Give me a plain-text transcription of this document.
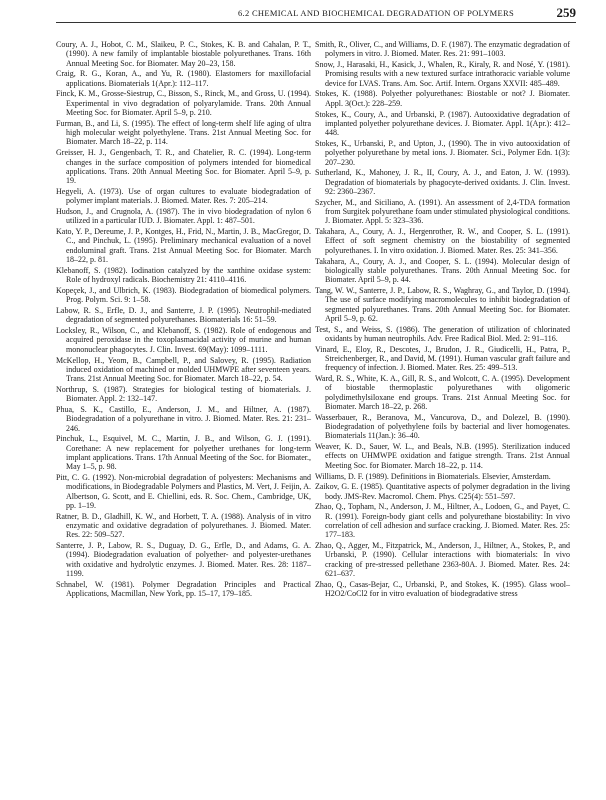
6.2 CHEMICAL AND BIOCHEMICAL DEGRADATION OF POLYMERS	259

Coury, A. J., Hobot, C. M., Slaikeu, P. C., Stokes, K. B. and Cahalan, P. T., (1990). A new family of implantable biostable polyurethanes. Trans. 16th Annual Meeting Soc. for Biomater. May 20–23, 158.

Craig, R. G., Koran, A., and Yu, R. (1980). Elastomers for maxillofacial applications. Biomaterials 1(Apr.): 112–117.

Finck, K. M., Grosse-Siestrup, C., Bisson, S., Rinck, M., and Gross, U. (1994). Experimental in vivo degradation of polyarylamide. Trans. 20th Annual Meeting Soc. for Biomater. April 5–9, p. 210.

Furman, B., and Li, S. (1995). The effect of long-term shelf life aging of ultra high molecular weight polyethylene. Trans. 21st Annual Meeting Soc. for Biomater. March 18–22, p. 114.

Greisser, H. J., Gengenbach, T. R., and Chatelier, R. C. (1994). Long-term changes in the surface composition of polymers intended for biomedical applications. Trans. 20th Annual Meeting Soc. for Biomater. April 5–9, p. 19.

Hegyeli, A. (1973). Use of organ cultures to evaluate biodegradation of polymer implant materials. J. Biomed. Mater. Res. 7: 205–214.

Hudson, J., and Crugnola, A. (1987). The in vivo biodegradation of nylon 6 utilized in a particular IUD. J. Biomater. Appl. 1: 487–501.

Kato, Y. P., Dereume, J. P., Kontges, H., Frid, N., Martin, J. B., MacGregor, D. C., and Pinchuk, L. (1995). Preliminary mechanical evaluation of a novel endoluminal graft. Trans. 21st Annual Meeting Soc. for Biomater. March 18–22, p. 81.

Klebanoff, S. (1982). Iodination catalyzed by the xanthine oxidase system: Role of hydroxyl radicals. Biochemistry 21: 4110–4116.

Kopeçek, J., and Ulbrich, K. (1983). Biodegradation of biomedical polymers. Prog. Polym. Sci. 9: 1–58.

Labow, R. S., Erfle, D. J., and Santerre, J. P. (1995). Neutrophil-mediated degradation of segmented polyurethanes. Biomaterials 16: 51–59.

Locksley, R., Wilson, C., and Klebanoff, S. (1982). Role of endogenous and acquired peroxidase in the toxoplasmacidal activity of murine and human mononuclear phagocytes. J. Clin. Invest. 69(May): 1099–1111.

McKellop, H., Yeom, B., Campbell, P., and Salovey, R. (1995). Radiation induced oxidation of machined or molded UHMWPE after seventeen years. Trans. 21st Annual Meeting Soc. for Biomater. March 18–22, p. 54.

Northrup, S. (1987). Strategies for biological testing of biomaterials. J. Biomater. Appl. 2: 132–147.

Phua, S. K., Castillo, E., Anderson, J. M., and Hiltner, A. (1987). Biodegradation of a polyurethane in vitro. J. Biomed. Mater. Res. 21: 231–246.

Pinchuk, L., Esquivel, M. C., Martin, J. B., and Wilson, G. J. (1991). Corethane: A new replacement for polyether urethanes for long-term implant applications. Trans. 17th Annual Meeting of the Soc. for Biomater., May 1–5, p. 98.

Pitt, C. G. (1992). Non-microbial degradation of polyesters: Mechanisms and modifications, in Biodegradable Polymers and Plastics, M. Vert, J. Feijin, A. Albertson, G. Scott, and E. Chiellini, eds. R. Soc. Chem., Cambridge, UK, pp. 1–19.

Ratner, B. D., Gladhill, K. W., and Horbett, T. A. (1988). Analysis of in vitro enzymatic and oxidative degradation of polyurethanes. J. Biomed. Mater. Res. 22: 509–527.

Santerre, J. P., Labow, R. S., Duguay, D. G., Erfle, D., and Adams, G. A. (1994). Biodegradation evaluation of polyether- and polyester-urethanes with oxidative and hydrolytic enzymes. J. Biomed. Mater. Res. 28: 1187–1199.

Schnabel, W. (1981). Polymer Degradation Principles and Practical Applications, Macmillan, New York, pp. 15–17, 179–185.

Smith, R., Oliver, C., and Williams, D. F. (1987). The enzymatic degradation of polymers in vitro. J. Biomed. Mater. Res. 21: 991–1003.

Snow, J., Harasaki, H., Kasick, J., Whalen, R., Kiraly, R. and Nosé, Y. (1981). Promising results with a new textured surface intrathoracic variable volume device for LVAS. Trans. Am. Soc. Artif. Intern. Organs XXVII: 485–489.

Stokes, K. (1988). Polyether polyurethanes: Biostable or not? J. Biomater. Appl. 3(Oct.): 228–259.

Stokes, K., Coury, A., and Urbanski, P. (1987). Autooxidative degradation of implanted polyether polyurethane devices. J. Biomater. Appl. 1(Apr.): 412–448.

Stokes, K., Urbanski, P., and Upton, J., (1990). The in vivo autooxidation of polyether polyurethane by metal ions. J. Biomater. Sci., Polymer Edn. 1(3): 207–230.

Sutherland, K., Mahoney, J. R., II, Coury, A. J., and Eaton, J. W. (1993). Degradation of biomaterials by phagocyte-derived oxidants. J. Clin. Invest. 92: 2360–2367.

Szycher, M., and Siciliano, A. (1991). An assessment of 2,4-TDA formation from Surgitek polyurethane foam under stimulated physiological conditions. J. Biomater. Appl. 5: 323–336.

Takahara, A., Coury, A. J., Hergenrother, R. W., and Cooper, S. L. (1991). Effect of soft segment chemistry on the biostability of segmented polyurethanes. I. In vitro oxidation. J. Biomed. Mater. Res. 25: 341–356.

Takahara, A., Coury, A. J., and Cooper, S. L. (1994). Molecular design of biologically stable polyurethanes. Trans. 20th Annual Meeting Soc. for Biomater. April 5–9, p. 44.

Tang, W. W., Santerre, J. P., Labow, R. S., Waghray, G., and Taylor, D. (1994). The use of surface modifying macromolecules to inhibit biodegradation of segmented polyurethanes. Trans. 20th Annual Meeting Soc. for Biomater. April 5–9, p. 62.

Test, S., and Weiss, S. (1986). The generation of utilization of chlorinated oxidants by human neutrophils. Adv. Free Radical Biol. Med. 2: 91–116.

Vinard, E., Eloy, R., Descotes, J., Brudon, J. R., Giudicelli, H., Patra, P., Streichenberger, R., and David, M. (1991). Human vascular graft failure and frequency of infection. J. Biomed. Mater. Res. 25: 499–513.

Ward, R. S., White, K. A., Gill, R. S., and Wolcott, C. A. (1995). Development of biostable thermoplastic polyurethanes with oligomeric polydimethylsiloxane end groups. Trans. 21st Annual Meeting Soc. for Biomater. March 18–22, p. 268.

Wasserbauer, R., Beranova, M., Vancurova, D., and Dolezel, B. (1990). Biodegradation of polyethylene foils by bacterial and liver homogenates. Biomaterials 11(Jan.): 36–40.

Weaver, K. D., Sauer, W. L., and Beals, N.B. (1995). Sterilization induced effects on UHMWPE oxidation and fatigue strength. Trans. 21st Annual Meeting Soc. for Biomater. March 18–22, p. 114.

Williams, D. F. (1989). Definitions in Biomaterials. Elsevier, Amsterdam.

Zaikov, G. E. (1985). Quantitative aspects of polymer degradation in the living body. JMS-Rev. Macromol. Chem. Phys. C25(4): 551–597.

Zhao, Q., Topham, N., Anderson, J. M., Hiltner, A., Lodoen, G., and Payet, C. R. (1991). Foreign-body giant cells and polyurethane biostability: In vivo correlation of cell adhesion and surface cracking. J. Biomed. Mater. Res. 25: 177–183.

Zhao, Q., Agger, M., Fitzpatrick, M., Anderson, J., Hiltner, A., Stokes, P., and Urbanski, P. (1990). Cellular interactions with biomaterials: In vivo cracking of pre-stressed pellethane 2363-80A. J. Biomed. Mater. Res. 24: 621–637.

Zhao, Q., Casas-Bejar, C., Urbanski, P., and Stokes, K. (1995). Glass wool–H2O2/CoCl2 for in vitro evaluation of biodegradative stress
